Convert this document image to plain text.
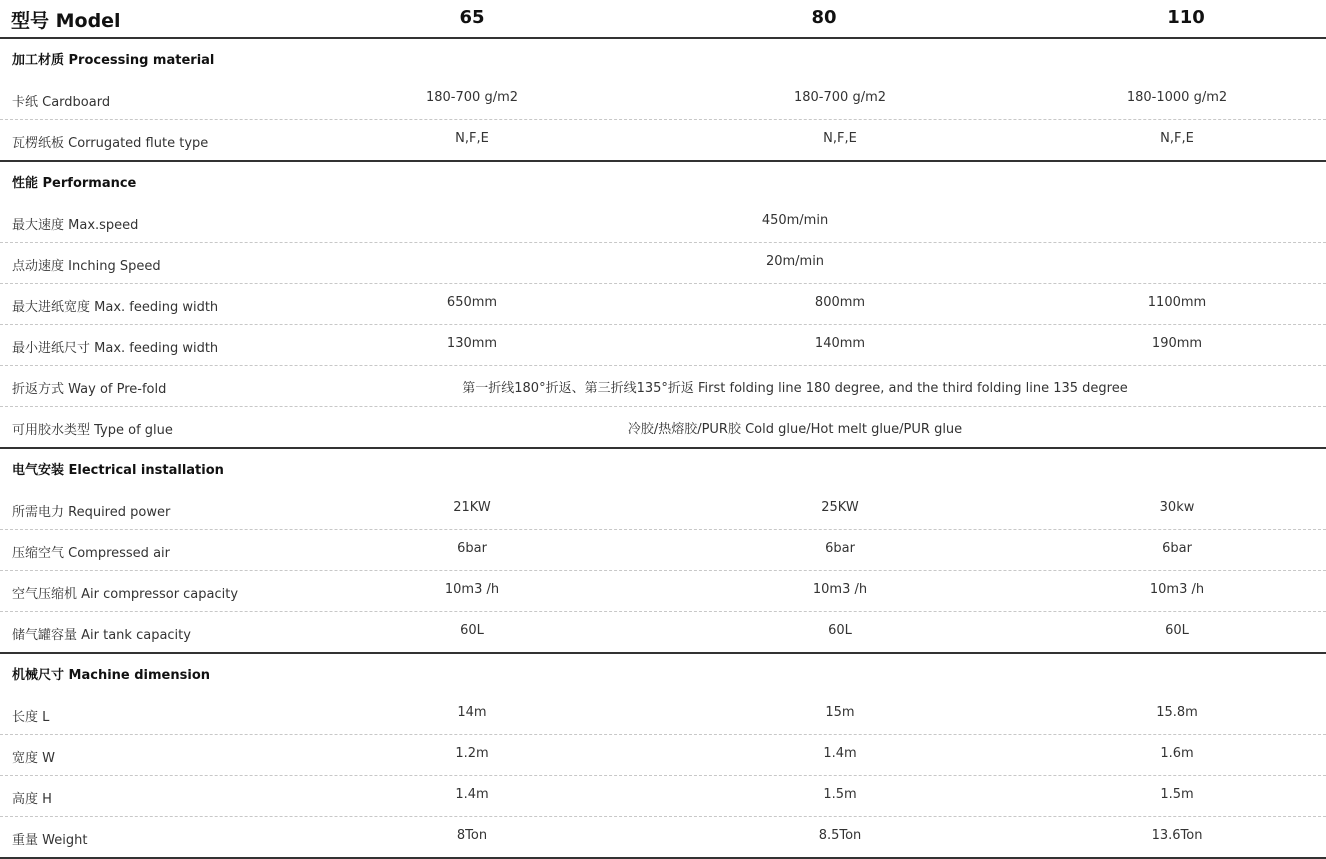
型号 Model	65	80	110
加工材质 Processing material
卡纸 Cardboard	180-700 g/m2	180-700 g/m2	180-1000 g/m2
瓦楞纸板 Corrugated flute type	N,F,E	N,F,E	N,F,E
性能 Performance
最大速度 Max.speed	450m/min
点动速度 Inching Speed	20m/min
最大进纸宽度 Max. feeding width	650mm	800mm	1100mm
最小进纸尺寸 Max. feeding width	130mm	140mm	190mm
折返方式 Way of Pre-fold	第一折线180°折返、第三折线135°折返 First folding line 180 degree, and the third folding line 135 degree
可用胶水类型 Type of glue	冷胶/热熔胶/PUR胶 Cold glue/Hot melt glue/PUR glue
电气安装 Electrical installation
所需电力 Required power	21KW	25KW	30kw
压缩空气 Compressed air	6bar	6bar	6bar
空气压缩机 Air compressor capacity	10m3 /h	10m3 /h	10m3 /h
储气罐容量 Air tank capacity	60L	60L	60L
机械尺寸 Machine dimension
长度 L	14m	15m	15.8m
宽度 W	1.2m	1.4m	1.6m
高度 H	1.4m	1.5m	1.5m
重量 Weight	8Ton	8.5Ton	13.6Ton
